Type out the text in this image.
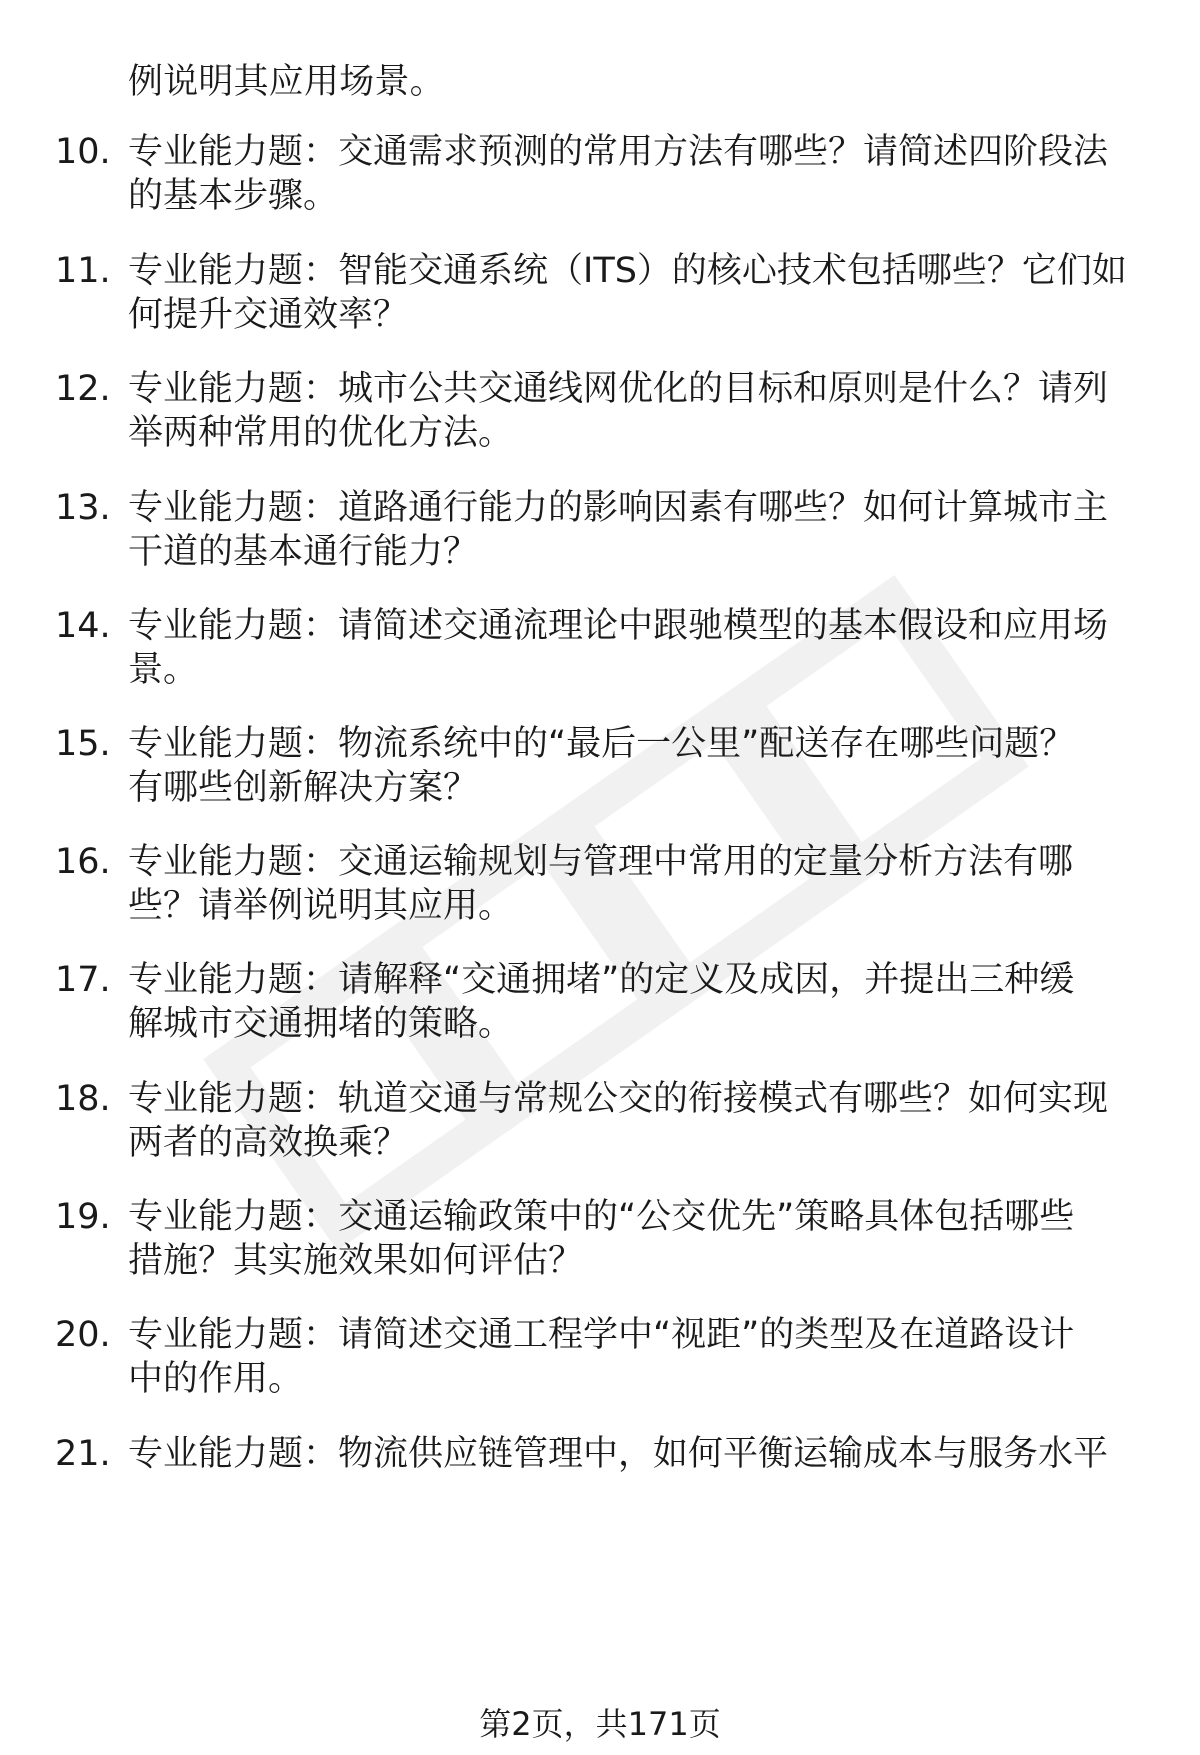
例说明其应用场景。
10. 专业能力题：交通需求预测的常用方法有哪些？请简述四阶段法
的基本步骤。
11. 专业能力题：智能交通系统（ITS）的核心技术包括哪些？它们如
何提升交通效率？
12. 专业能力题：城市公共交通线网优化的目标和原则是什么？请列
举两种常用的优化方法。
13. 专业能力题：道路通行能力的影响因素有哪些？如何计算城市主
干道的基本通行能力？
14. 专业能力题：请简述交通流理论中跟驰模型的基本假设和应用场
景。
15. 专业能力题：物流系统中的“最后一公里”配送存在哪些问题？
有哪些创新解决方案？
16. 专业能力题：交通运输规划与管理中常用的定量分析方法有哪
些？请举例说明其应用。
17. 专业能力题：请解释“交通拥堵”的定义及成因，并提出三种缓
解城市交通拥堵的策略。
18. 专业能力题：轨道交通与常规公交的衔接模式有哪些？如何实现
两者的高效换乘？
19. 专业能力题：交通运输政策中的“公交优先”策略具体包括哪些
措施？其实施效果如何评估？
20. 专业能力题：请简述交通工程学中“视距”的类型及在道路设计
中的作用。
21. 专业能力题：物流供应链管理中，如何平衡运输成本与服务水平
第2页，共171页
